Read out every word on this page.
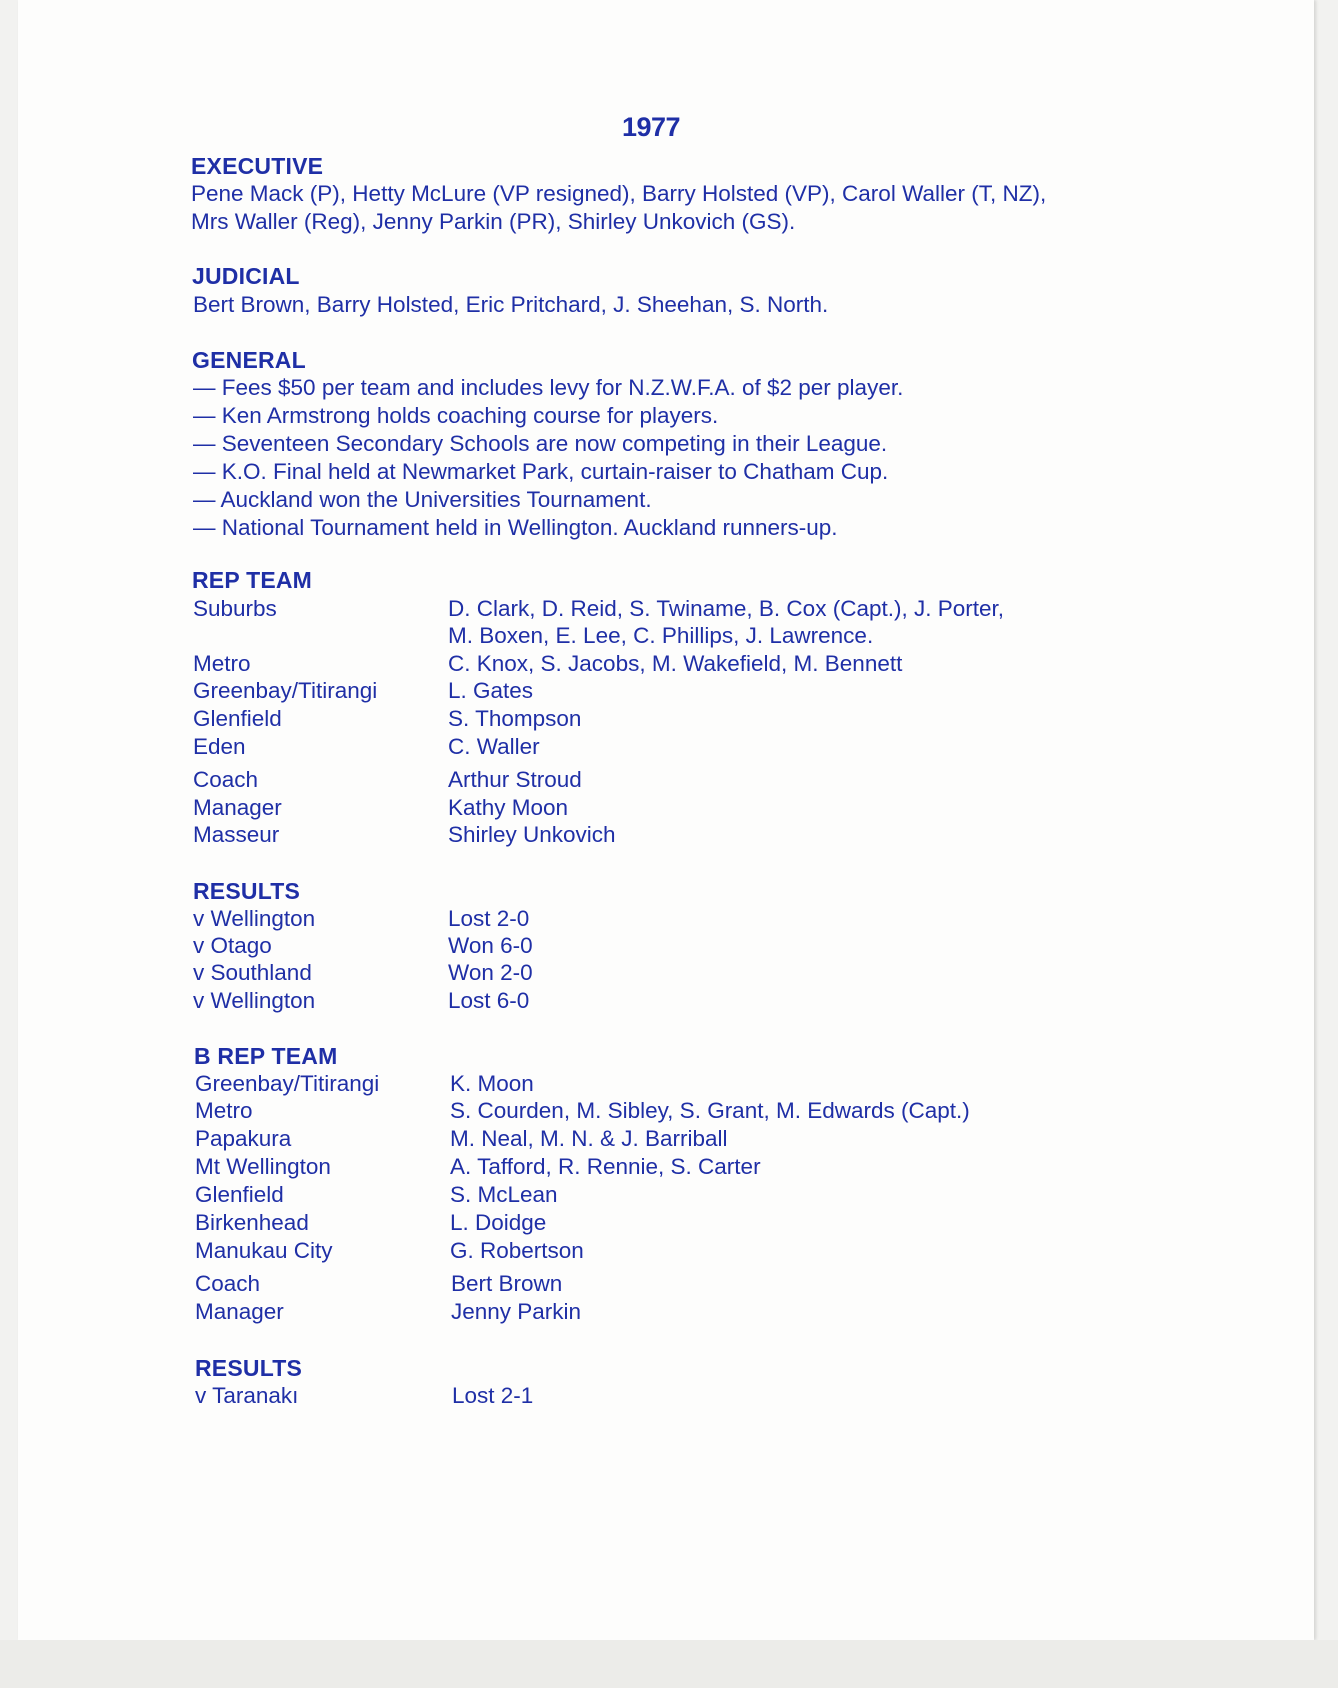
1977
EXECUTIVE
Pene Mack (P), Hetty McLure (VP resigned), Barry Holsted (VP), Carol Waller (T, NZ),
Mrs Waller (Reg), Jenny Parkin (PR), Shirley Unkovich (GS).
JUDICIAL
Bert Brown, Barry Holsted, Eric Pritchard, J. Sheehan, S. North.
GENERAL
— Fees $50 per team and includes levy for N.Z.W.F.A. of $2 per player.
— Ken Armstrong holds coaching course for players.
— Seventeen Secondary Schools are now competing in their League.
— K.O. Final held at Newmarket Park, curtain-raiser to Chatham Cup.
— Auckland won the Universities Tournament.
— National Tournament held in Wellington. Auckland runners-up.
REP TEAM
Suburbs	D. Clark, D. Reid, S. Twiname, B. Cox (Capt.), J. Porter,
M. Boxen, E. Lee, C. Phillips, J. Lawrence.
Metro	C. Knox, S. Jacobs, M. Wakefield, M. Bennett
Greenbay/Titirangi	L. Gates
Glenfield	S. Thompson
Eden	C. Waller
Coach	Arthur Stroud
Manager	Kathy Moon
Masseur	Shirley Unkovich
RESULTS
v Wellington	Lost 2-0
v Otago	Won 6-0
v Southland	Won 2-0
v Wellington	Lost 6-0
B REP TEAM
Greenbay/Titirangi	K. Moon
Metro	S. Courden, M. Sibley, S. Grant, M. Edwards (Capt.)
Papakura	M. Neal, M. N. & J. Barriball
Mt Wellington	A. Tafford, R. Rennie, S. Carter
Glenfield	S. McLean
Birkenhead	L. Doidge
Manukau City	G. Robertson
Coach	Bert Brown
Manager	Jenny Parkin
RESULTS
v Taranakı	Lost 2-1
